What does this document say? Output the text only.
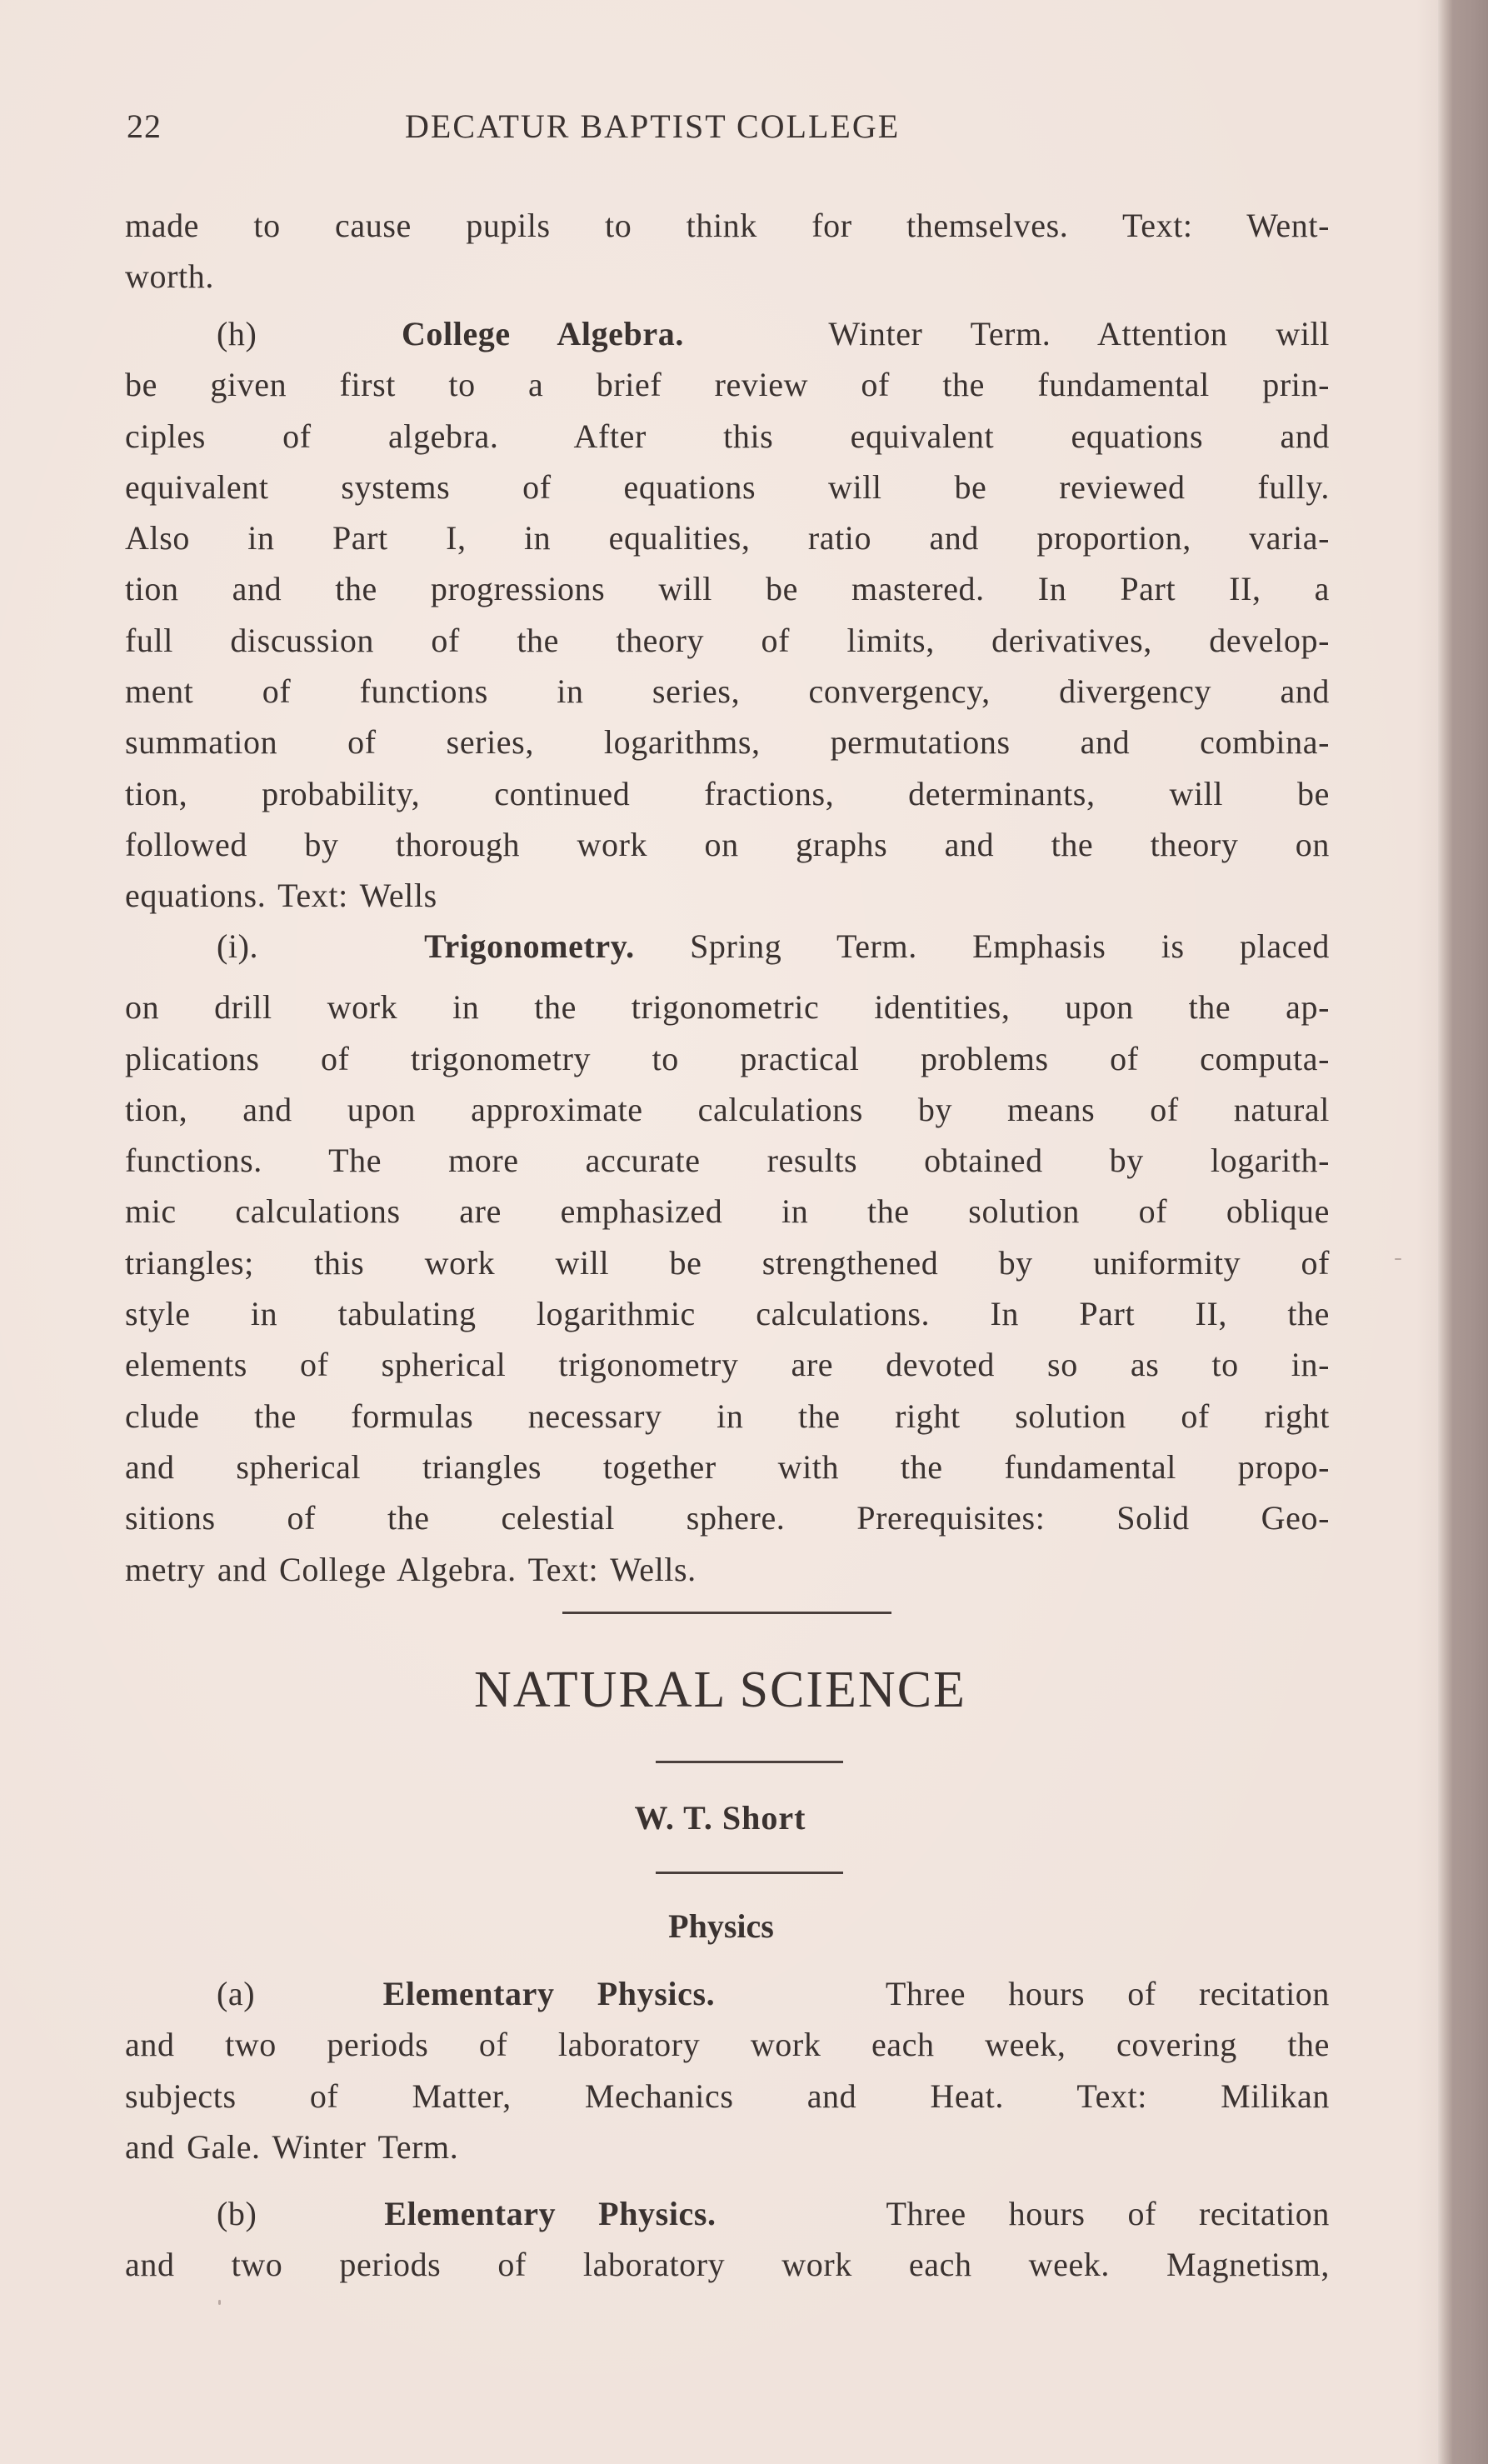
22	DECATUR BAPTIST COLLEGE
made to cause pupils to think for themselves. Text: Went-
worth.
(h)	College Algebra.	Winter Term. Attention will
be given first to a brief review of the fundamental prin-
ciples of algebra. After this equivalent equations and
equivalent systems of equations will be reviewed fully.
Also in Part I, in equalities, ratio and proportion, varia-
tion and the progressions will be mastered. In Part II, a
full discussion of the theory of limits, derivatives, develop-
ment of functions in series, convergency, divergency and
summation of series, logarithms, permutations and combina-
tion, probability, continued fractions, determinants, will be
followed by thorough work on graphs and the theory on
equations. Text: Wells
(i).	Trigonometry. Spring Term. Emphasis is placed
on drill work in the trigonometric identities, upon the ap-
plications of trigonometry to practical problems of computa-
tion, and upon approximate calculations by means of natural
functions. The more accurate results obtained by logarith-
mic calculations are emphasized in the solution of oblique
triangles; this work will be strengthened by uniformity of
style in tabulating logarithmic calculations. In Part II, the
elements of spherical trigonometry are devoted so as to in-
clude the formulas necessary in the right solution of right
and spherical triangles together with the fundamental propo-
sitions of the celestial sphere. Prerequisites: Solid Geo-
metry and College Algebra. Text: Wells.
NATURAL SCIENCE
W. T. Short
Physics
(a)	Elementary Physics.	Three hours of recitation
and two periods of laboratory work each week, covering the
subjects of Matter, Mechanics and Heat. Text: Milikan
and Gale. Winter Term.
(b)	Elementary Physics.	Three hours of recitation
and two periods of laboratory work each week. Magnetism,
